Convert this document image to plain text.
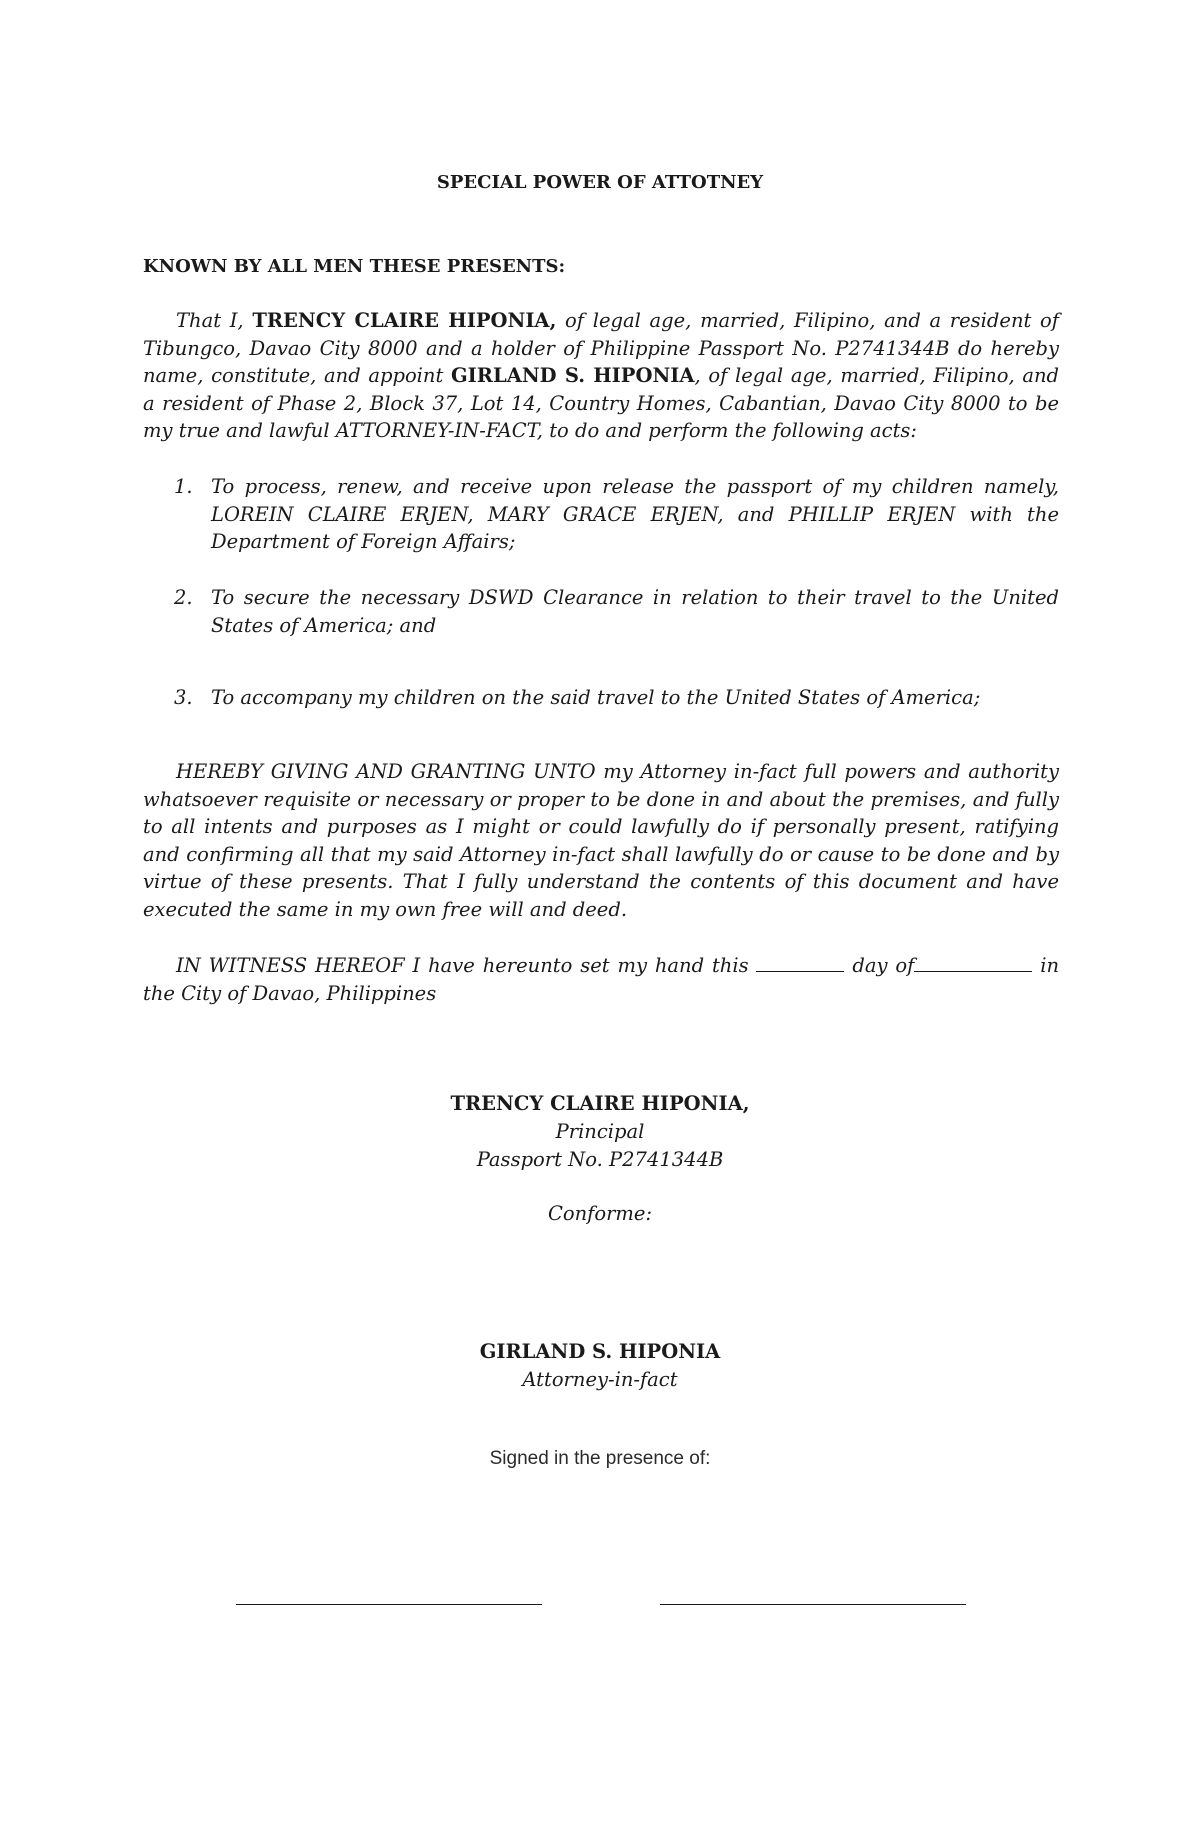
SPECIAL POWER OF ATTOTNEY
KNOWN BY ALL MEN THESE PRESENTS:
That I, TRENCY CLAIRE HIPONIA, of legal age, married, Filipino, and a resident of Tibungco, Davao City 8000 and a holder of Philippine Passport No. P2741344B do hereby name, constitute, and appoint GIRLAND S. HIPONIA, of legal age, married, Filipino, and a resident of Phase 2, Block 37, Lot 14, Country Homes, Cabantian, Davao City 8000 to be my true and lawful ATTORNEY-IN-FACT, to do and perform the following acts:
1. To process, renew, and receive upon release the passport of my children namely, LOREIN CLAIRE ERJEN, MARY GRACE ERJEN, and PHILLIP ERJEN with the Department of Foreign Affairs;
2. To secure the necessary DSWD Clearance in relation to their travel to the United States of America; and
3. To accompany my children on the said travel to the United States of America;
HEREBY GIVING AND GRANTING UNTO my Attorney in-fact full powers and authority whatsoever requisite or necessary or proper to be done in and about the premises, and fully to all intents and purposes as I might or could lawfully do if personally present, ratifying and confirming all that my said Attorney in-fact shall lawfully do or cause to be done and by virtue of these presents. That I fully understand the contents of this document and have executed the same in my own free will and deed.
IN WITNESS HEREOF I have hereunto set my hand this	day of	in the City of Davao, Philippines
TRENCY CLAIRE HIPONIA,
Principal
Passport No. P2741344B
Conforme:
GIRLAND S. HIPONIA
Attorney-in-fact
Signed in the presence of:
